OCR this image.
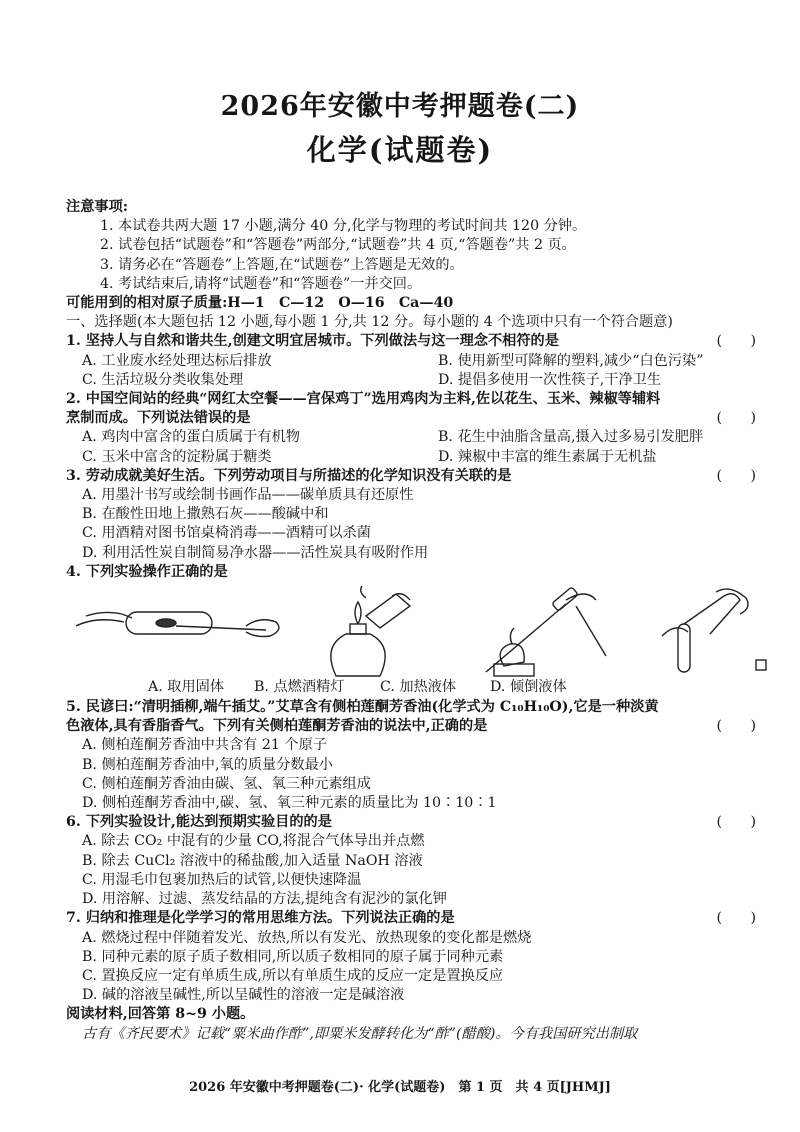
2026年安徽中考押题卷(二)
化学(试题卷)
注意事项:
1. 本试卷共两大题 17 小题,满分 40 分,化学与物理的考试时间共 120 分钟。
2. 试卷包括“试题卷”和“答题卷”两部分,“试题卷”共 4 页,“答题卷”共 2 页。
3. 请务必在“答题卷”上答题,在“试题卷”上答题是无效的。
4. 考试结束后,请将“试题卷”和“答题卷”一并交回。
可能用到的相对原子质量:H—1　C—12　O—16　Ca—40
一、选择题(本大题包括 12 小题,每小题 1 分,共 12 分。每小题的 4 个选项中只有一个符合题意)
1. 坚持人与自然和谐共生,创建文明宜居城市。下列做法与这一理念不相符的是	(　　)
A. 工业废水经处理达标后排放	B. 使用新型可降解的塑料,减少“白色污染”
C. 生活垃圾分类收集处理	D. 提倡多使用一次性筷子,干净卫生
2. 中国空间站的经典“网红太空餐——宫保鸡丁”选用鸡肉为主料,佐以花生、玉米、辣椒等辅料
烹制而成。下列说法错误的是	(　　)
A. 鸡肉中富含的蛋白质属于有机物	B. 花生中油脂含量高,摄入过多易引发肥胖
C. 玉米中富含的淀粉属于糖类	D. 辣椒中丰富的维生素属于无机盐
3. 劳动成就美好生活。下列劳动项目与所描述的化学知识没有关联的是	(　　)
A. 用墨汁书写或绘制书画作品——碳单质具有还原性
B. 在酸性田地上撒熟石灰——酸碱中和
C. 用酒精对图书馆桌椅消毒——酒精可以杀菌
D. 利用活性炭自制简易净水器——活性炭具有吸附作用
4. 下列实验操作正确的是
A. 取用固体	B. 点燃酒精灯	C. 加热液体	D. 倾倒液体
5. 民谚曰:“清明插柳,端午插艾。”艾草含有侧柏莲酮芳香油(化学式为 C₁₀H₁₀O),它是一种淡黄
色液体,具有香脂香气。下列有关侧柏莲酮芳香油的说法中,正确的是	(　　)
A. 侧柏莲酮芳香油中共含有 21 个原子
B. 侧柏莲酮芳香油中,氧的质量分数最小
C. 侧柏莲酮芳香油由碳、氢、氧三种元素组成
D. 侧柏莲酮芳香油中,碳、氢、氧三种元素的质量比为 10∶10∶1
6. 下列实验设计,能达到预期实验目的的是	(　　)
A. 除去 CO₂ 中混有的少量 CO,将混合气体导出并点燃
B. 除去 CuCl₂ 溶液中的稀盐酸,加入适量 NaOH 溶液
C. 用湿毛巾包裹加热后的试管,以便快速降温
D. 用溶解、过滤、蒸发结晶的方法,提纯含有泥沙的氯化钾
7. 归纳和推理是化学学习的常用思维方法。下列说法正确的是	(　　)
A. 燃烧过程中伴随着发光、放热,所以有发光、放热现象的变化都是燃烧
B. 同种元素的原子质子数相同,所以质子数相同的原子属于同种元素
C. 置换反应一定有单质生成,所以有单质生成的反应一定是置换反应
D. 碱的溶液呈碱性,所以呈碱性的溶液一定是碱溶液
阅读材料,回答第 8~9 小题。
古有《齐民要术》记载“粟米曲作酢”,即粟米发酵转化为“酢”(醋酸)。今有我国研究出制取
2026 年安徽中考押题卷(二)· 化学(试题卷)　第 1 页　共 4 页[JHMJ]
